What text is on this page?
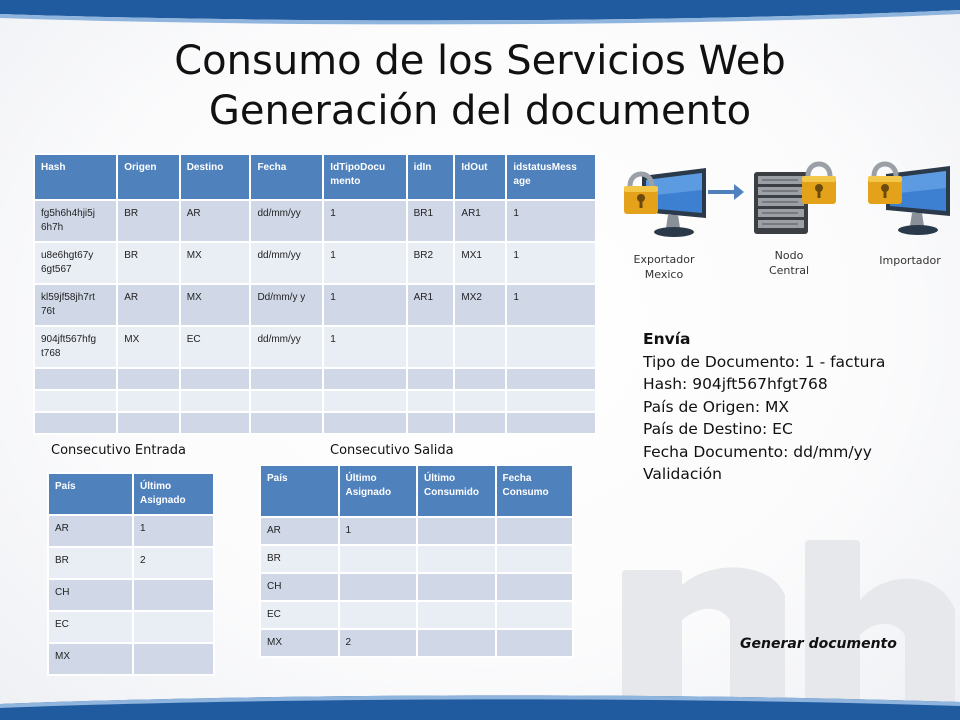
Consumo de los Servicios Web
Generación del documento
Hash	Origen	Destino	Fecha	IdTipoDocu mento	idIn	IdOut	idstatusMess age
fg5h6h4hji5j 6h7h	BR	AR	dd/mm/yy	1	BR1	AR1	1
u8e6hgt67y 6gt567	BR	MX	dd/mm/yy	1	BR2	MX1	1
kl59jf58jh7rt 76t	AR	MX	Dd/mm/y y	1	AR1	MX2	1
904jft567hfg t768	MX	EC	dd/mm/yy	1			

Consecutivo Entrada	Consecutivo Salida
País	Último Asignado
AR	1
BR	2
CH	
EC	
MX	
País	Último Asignado	Último Consumido	Fecha Consumo
AR	1		
BR			
CH			
EC			
MX	2		
Exportador Mexico
Nodo Central
Importador
Envía
Tipo de Documento: 1 - factura
Hash: 904jft567hfgt768
País de Origen: MX
País de Destino: EC
Fecha Documento: dd/mm/yy
Validación
Generar documento
